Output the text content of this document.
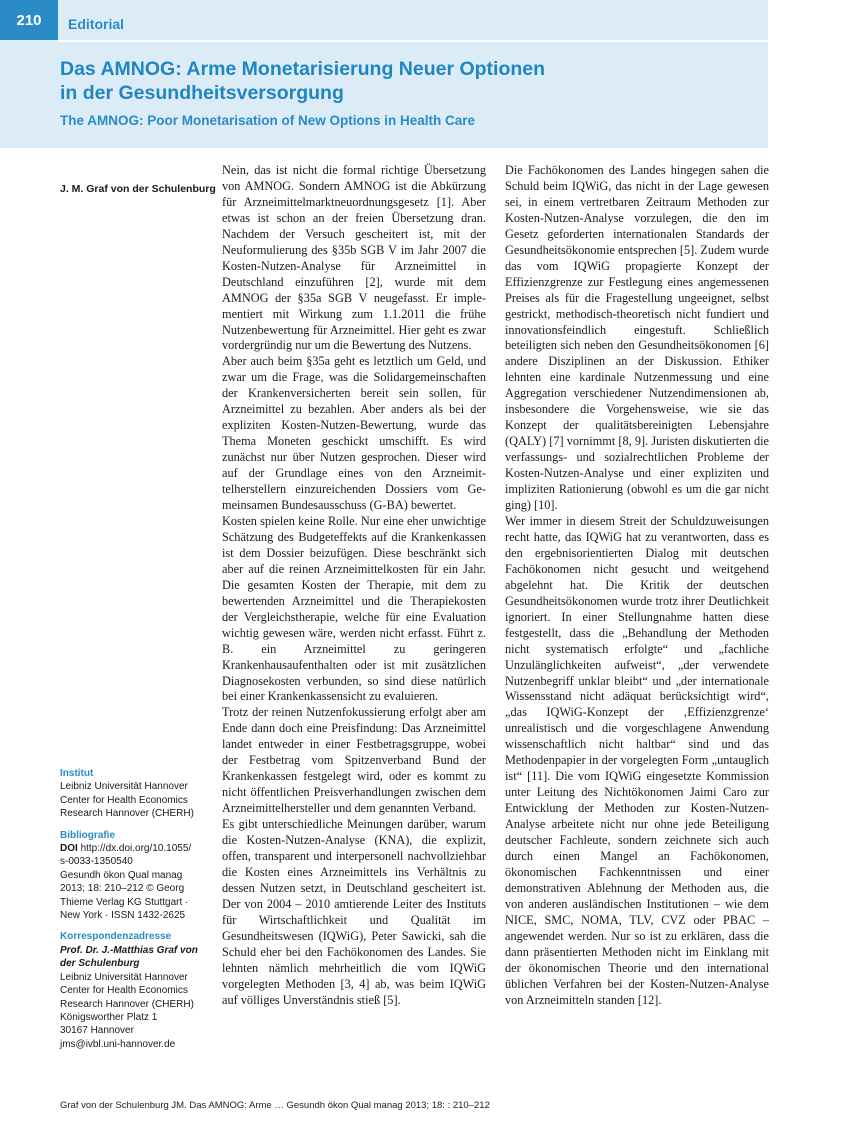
210	Editorial
Das AMNOG: Arme Monetarisierung Neuer Optionen
in der Gesundheitsversorgung
The AMNOG: Poor Monetarisation of New Options in Health Care
J. M. Graf von der Schulenburg
Institut
Leibniz Universität Hannover
Center for Health Economics
Research Hannover (CHERH)
Bibliografie
DOI http://dx.doi.org/10.1055/
s-0033-1350540
Gesundh ökon Qual manag
2013; 18: 210–212 © Georg
Thieme Verlag KG Stuttgart ·
New York · ISSN 1432-2625
Korrespondenzadresse
Prof. Dr. J.-Matthias Graf von
der Schulenburg
Leibniz Universität Hannover
Center for Health Economics
Research Hannover (CHERH)
Königsworther Platz 1
30167 Hannover
jms@ivbl.uni-hannover.de

Nein, das ist nicht die formal richtige Übersetzung von AMNOG. Sondern AMNOG ist die Abkürzung für Arzneimittelmarktneuordnungsgesetz [1]. Aber etwas ist schon an der freien Übersetzung dran. Nachdem der Versuch gescheitert ist, mit der Neuformulierung des §35b SGB V im Jahr 2007 die Kosten-Nutzen-Analyse für Arzneimittel in Deutschland einzuführen [2], wurde mit dem AMNOG der §35a SGB V neugefasst. Er implementiert mit Wirkung zum 1.1.2011 die frühe Nutzenbewertung für Arzneimittel. Hier geht es zwar vordergründig nur um die Bewertung des Nutzens.

Aber auch beim §35a geht es letztlich um Geld, und zwar um die Frage, was die Solidargemeinschaften der Krankenversicherten bereit sein sollen, für Arzneimittel zu bezahlen. Aber anders als bei der expliziten Kosten-Nutzen-Bewertung, wurde das Thema Moneten geschickt umschifft. Es wird zunächst nur über Nutzen gesprochen. Dieser wird auf der Grundlage eines von den Arzneimittelherstellern einzureichenden Dossiers vom Gemeinsamen Bundesausschuss (G-BA) bewertet.

Kosten spielen keine Rolle. Nur eine eher unwichtige Schätzung des Budgeteffekts auf die Krankenkassen ist dem Dossier beizufügen. Diese beschränkt sich aber auf die reinen Arzneimittelkosten für ein Jahr. Die gesamten Kosten der Therapie, mit dem zu bewertenden Arzneimittel und die Therapiekosten der Vergleichstherapie, welche für eine Evaluation wichtig gewesen wäre, werden nicht erfasst. Führt z. B. ein Arzneimittel zu geringeren Krankenhausaufenthalten oder ist mit zusätzlichen Diagnosekosten verbunden, so sind diese natürlich bei einer Krankenkassensicht zu evaluieren.

Trotz der reinen Nutzenfokussierung erfolgt aber am Ende dann doch eine Preisfindung: Das Arzneimittel landet entweder in einer Festbetragsgruppe, wobei der Festbetrag vom Spitzenverband Bund der Krankenkassen festgelegt wird, oder es kommt zu nicht öffentlichen Preisverhandlungen zwischen dem Arzneimittelhersteller und dem genannten Verband.

Es gibt unterschiedliche Meinungen darüber, warum die Kosten-Nutzen-Analyse (KNA), die explizit, offen, transparent und interpersonell nachvollziehbar die Kosten eines Arzneimittels ins Verhältnis zu dessen Nutzen setzt, in Deutschland gescheitert ist. Der von 2004 – 2010 amtierende Leiter des Instituts für Wirtschaftlichkeit und Qualität im Gesundheitswesen (IQWiG), Peter Sawicki, sah die Schuld eher bei den Fachökonomen des Landes. Sie lehnten nämlich mehrheitlich die vom IQWiG vorgelegten Methoden [3, 4] ab, was beim IQWiG auf völliges Unverständnis stieß [5].

Die Fachökonomen des Landes hingegen sahen die Schuld beim IQWiG, das nicht in der Lage gewesen sei, in einem vertretbaren Zeitraum Methoden zur Kosten-Nutzen-Analyse vorzulegen, die den im Gesetz geforderten internationalen Standards der Gesundheitsökonomie entsprechen [5]. Zudem wurde das vom IQWiG propagierte Konzept der Effizienzgrenze zur Festlegung eines angemessenen Preises als für die Fragestellung ungeeignet, selbst gestrickt, methodisch-theoretisch nicht fundiert und innovationsfeindlich eingestuft. Schließlich beteiligten sich neben den Gesundheitsökonomen [6] andere Disziplinen an der Diskussion. Ethiker lehnten eine kardinale Nutzenmessung und eine Aggregation verschiedener Nutzendimensionen ab, insbesondere die Vorgehensweise, wie sie das Konzept der qualitätsbereinigten Lebensjahre (QALY) [7] vornimmt [8, 9]. Juristen diskutierten die verfassungs- und sozialrechtlichen Probleme der Kosten-Nutzen-Analyse und einer expliziten und impliziten Rationierung (obwohl es um die gar nicht ging) [10].

Wer immer in diesem Streit der Schuldzuweisungen recht hatte, das IQWiG hat zu verantworten, dass es den ergebnisorientierten Dialog mit deutschen Fachökonomen nicht gesucht und weitgehend abgelehnt hat. Die Kritik der deutschen Gesundheitsökonomen wurde trotz ihrer Deutlichkeit ignoriert. In einer Stellungnahme hatten diese festgestellt, dass die „Behandlung der Methoden nicht systematisch erfolgte“ und „fachliche Unzulänglichkeiten aufweist“, „der verwendete Nutzenbegriff unklar bleibt“ und „der internationale Wissensstand nicht adäquat berücksichtigt wird“, „das IQWiG-Konzept der ‚Effizienzgrenze‘ unrealistisch und die vorgeschlagene Anwendung wissenschaftlich nicht haltbar“ sind und das Methodenpapier in der vorgelegten Form „untauglich ist“ [11]. Die vom IQWiG eingesetzte Kommission unter Leitung des Nichtökonomen Jaimi Caro zur Entwicklung der Methoden zur Kosten-Nutzen-Analyse arbeitete nicht nur ohne jede Beteiligung deutscher Fachleute, sondern zeichnete sich auch durch einen Mangel an Fachökonomen, ökonomischen Fachkenntnissen und einer demonstrativen Ablehnung der Methoden aus, die von anderen ausländischen Institutionen – wie dem NICE, SMC, NOMA, TLV, CVZ oder PBAC – angewendet werden. Nur so ist zu erklären, dass die dann präsentierten Methoden nicht im Einklang mit der ökonomischen Theorie und den international üblichen Verfahren bei der Kosten-Nutzen-Analyse von Arzneimitteln standen [12].

Graf von der Schulenburg JM. Das AMNOG: Arme … Gesundh ökon Qual manag 2013; 18: : 210–212
